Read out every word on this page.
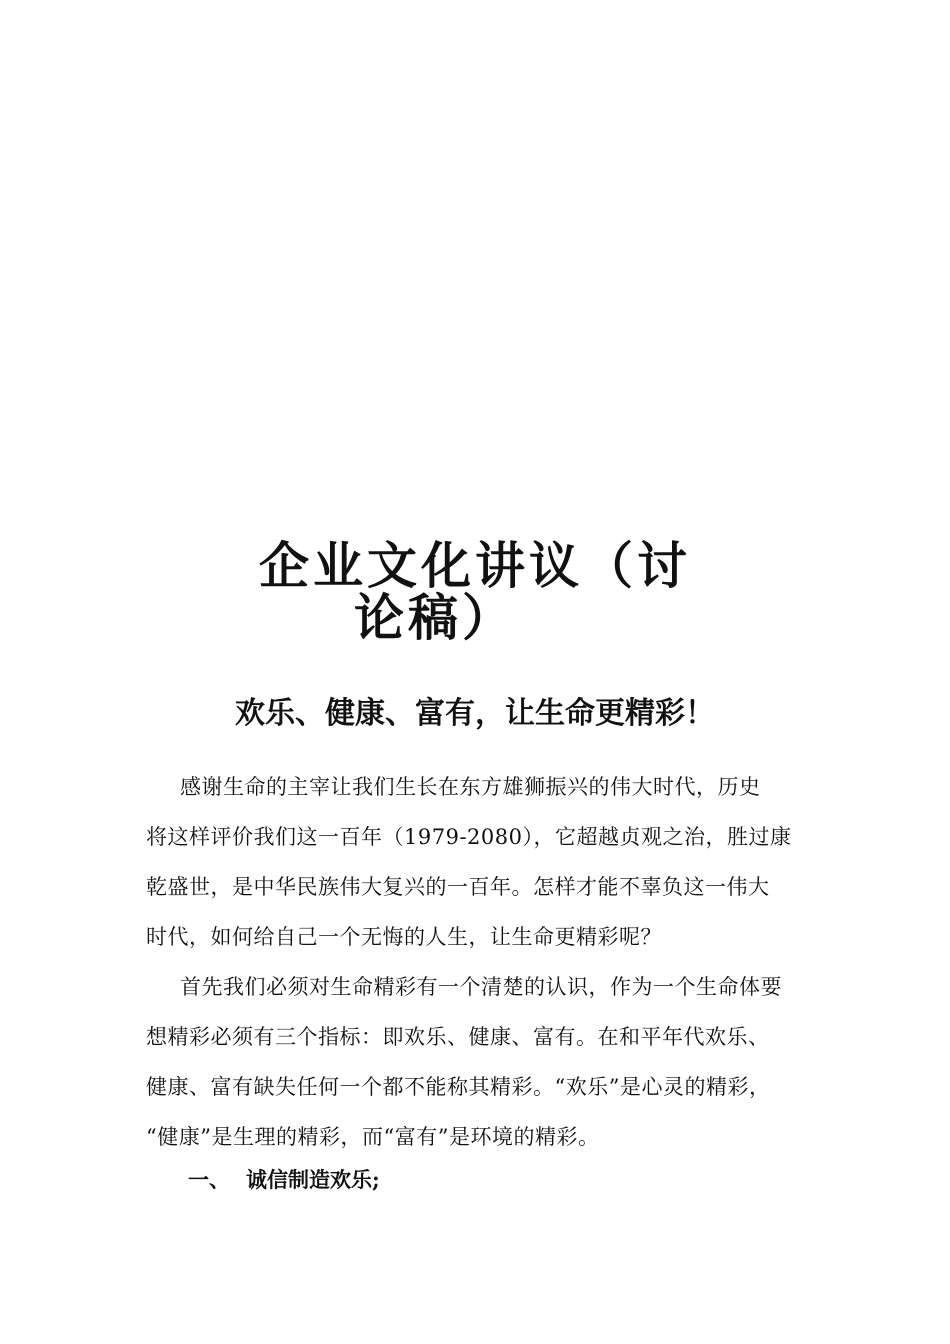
企业文化讲议（讨
论稿）
欢乐、健康、富有，让生命更精彩！

感谢生命的主宰让我们生长在东方雄狮振兴的伟大时代，历史
将这样评价我们这一百年（1979-2080），它超越贞观之治，胜过康
乾盛世，是中华民族伟大复兴的一百年。怎样才能不辜负这一伟大
时代，如何给自己一个无悔的人生，让生命更精彩呢？

首先我们必须对生命精彩有一个清楚的认识，作为一个生命体要
想精彩必须有三个指标：即欢乐、健康、富有。在和平年代欢乐、
健康、富有缺失任何一个都不能称其精彩。“欢乐”是心灵的精彩，
“健康”是生理的精彩，而“富有”是环境的精彩。

一、 诚信制造欢乐;
